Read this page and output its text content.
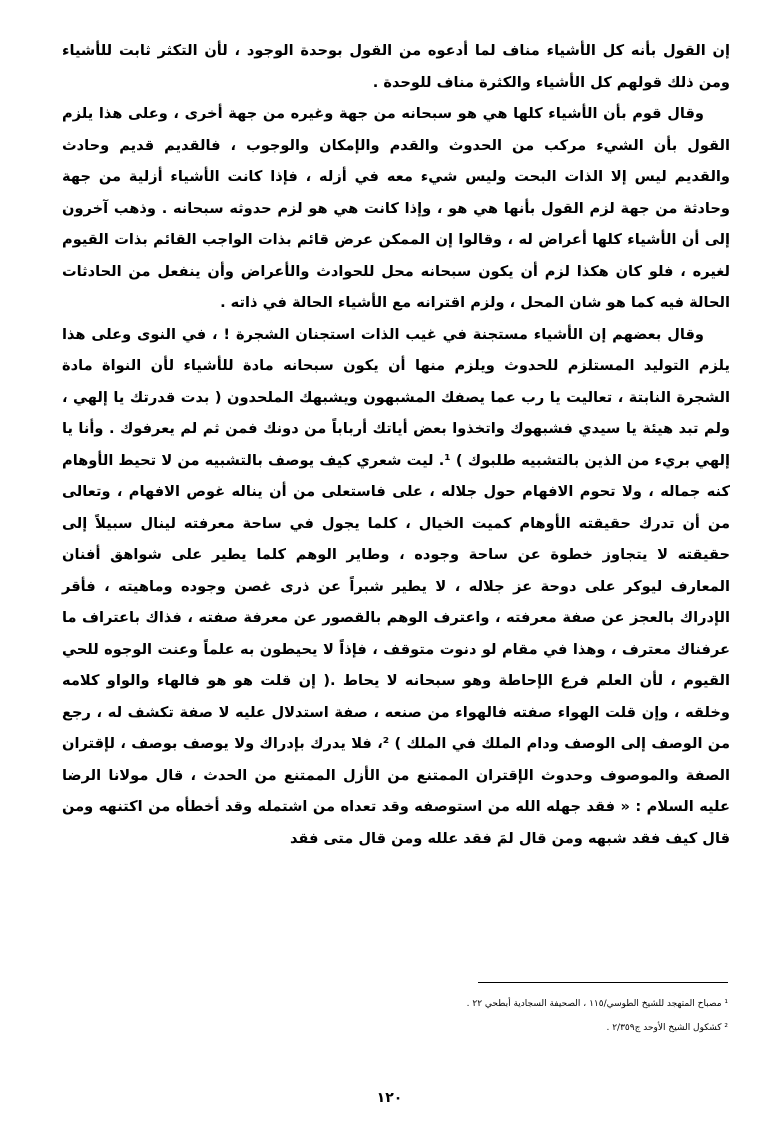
إن القول بأنه كل الأشياء مناف لما أدعوه من القول بوحدة الوجود ، لأن التكثر ثابت للأشياء ومن ذلك قولهم كل الأشياء والكثرة مناف للوحدة .

وقال قوم بأن الأشياء كلها هي هو سبحانه من جهة وغيره من جهة أخرى ، وعلى هذا يلزم القول بأن الشيء مركب من الحدوث والقدم والإمكان والوجوب ، فالقديم قديم وحادث والقديم ليس إلا الذات البحت وليس شيء معه في أزله ، فإذا كانت الأشياء أزلية من جهة وحادثة من جهة لزم القول بأنها هي هو ، وإذا كانت هي هو لزم حدوثه سبحانه . وذهب آخرون إلى أن الأشياء كلها أعراض له ، وقالوا إن الممكن عرض قائم بذات الواجب القائم بذات القيوم لغيره ، فلو كان هكذا لزم أن يكون سبحانه محل للحوادث والأعراض وأن ينفعل من الحادثات الحالة فيه كما هو شان المحل ، ولزم اقترانه مع الأشياء الحالة في ذاته .

وقال بعضهم إن الأشياء مستجنة في غيب الذات استجنان الشجرة ! ، في النوى وعلى هذا يلزم التوليد المستلزم للحدوث ويلزم منها أن يكون سبحانه مادة للأشياء لأن النواة مادة الشجرة النابتة ، تعاليت يا رب عما يصفك المشبهون ويشبهك الملحدون ( بدت قدرتك يا إلهي ، ولم تبد هيئة يا سيدي فشبهوك واتخذوا بعض أياتك أرباباً من دونك فمن ثم لم يعرفوك . وأنا يا إلهي بريء من الذين بالتشبيه طلبوك ) ¹. ليت شعري كيف يوصف بالتشبيه من لا تحيط الأوهام كنه جماله ، ولا تحوم الافهام حول جلاله ، على فاستعلى من أن يناله غوص الافهام ، وتعالى من أن تدرك حقيقته الأوهام كميت الخيال ، كلما يجول في ساحة معرفته لينال سبيلاً إلى حقيقته لا يتجاوز خطوة عن ساحة وجوده ، وطاير الوهم كلما يطير على شواهق أفنان المعارف ليوكر على دوحة عز جلاله ، لا يطير شبراً عن ذرى غصن وجوده وماهيته ، فأقر الإدراك بالعجز عن صفة معرفته ، واعترف الوهم بالقصور عن معرفة صفته ، فذاك باعتراف ما عرفناك معترف ، وهذا في مقام لو دنوت متوقف ، فإذاً لا يحيطون به علماً وعنت الوجوه للحي القيوم ، لأن العلم فرع الإحاطة وهو سبحانه لا يحاط .( إن قلت هو هو فالهاء والواو كلامه وخلقه ، وإن قلت الهواء صفته فالهواء من صنعه ، صفة استدلال عليه لا صفة تكشف له ، رجع من الوصف إلى الوصف ودام الملك في الملك ) ²، فلا يدرك بإدراك ولا يوصف بوصف ، لإقتران الصفة والموصوف وحدوث الإقتران الممتنع من الأزل الممتنع من الحدث ، قال مولانا الرضا عليه السلام : « فقد جهله الله من استوصفه وقد تعداه من اشتمله وقد أخطأه من اكتنهه ومن قال كيف فقد شبهه ومن قال لمَ فقد علله ومن قال متى فقد

¹ مصباح المتهجد للشيخ الطوسي/١١٥ ، الصحيفة السجادية أبطحي ٢٢ .

² كشكول الشيخ الأوحد ج٢/٣٥٩ .

١٢٠
